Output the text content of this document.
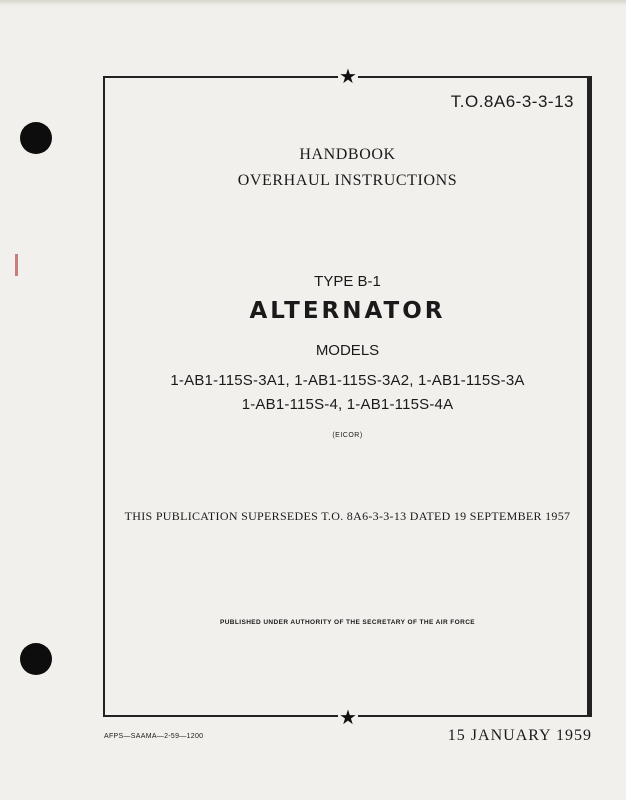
★
★
T.O.8A6-3-3-13
HANDBOOK
OVERHAUL INSTRUCTIONS
TYPE B-1
ALTERNATOR
MODELS
1-AB1-115S-3A1, 1-AB1-115S-3A2, 1-AB1-115S-3A
1-AB1-115S-4, 1-AB1-115S-4A
(EICOR)
THIS PUBLICATION SUPERSEDES T.O. 8A6-3-3-13 DATED 19 SEPTEMBER 1957
PUBLISHED UNDER AUTHORITY OF THE SECRETARY OF THE AIR FORCE
AFPS—SAAMA—2-59—1200	15 JANUARY 1959
